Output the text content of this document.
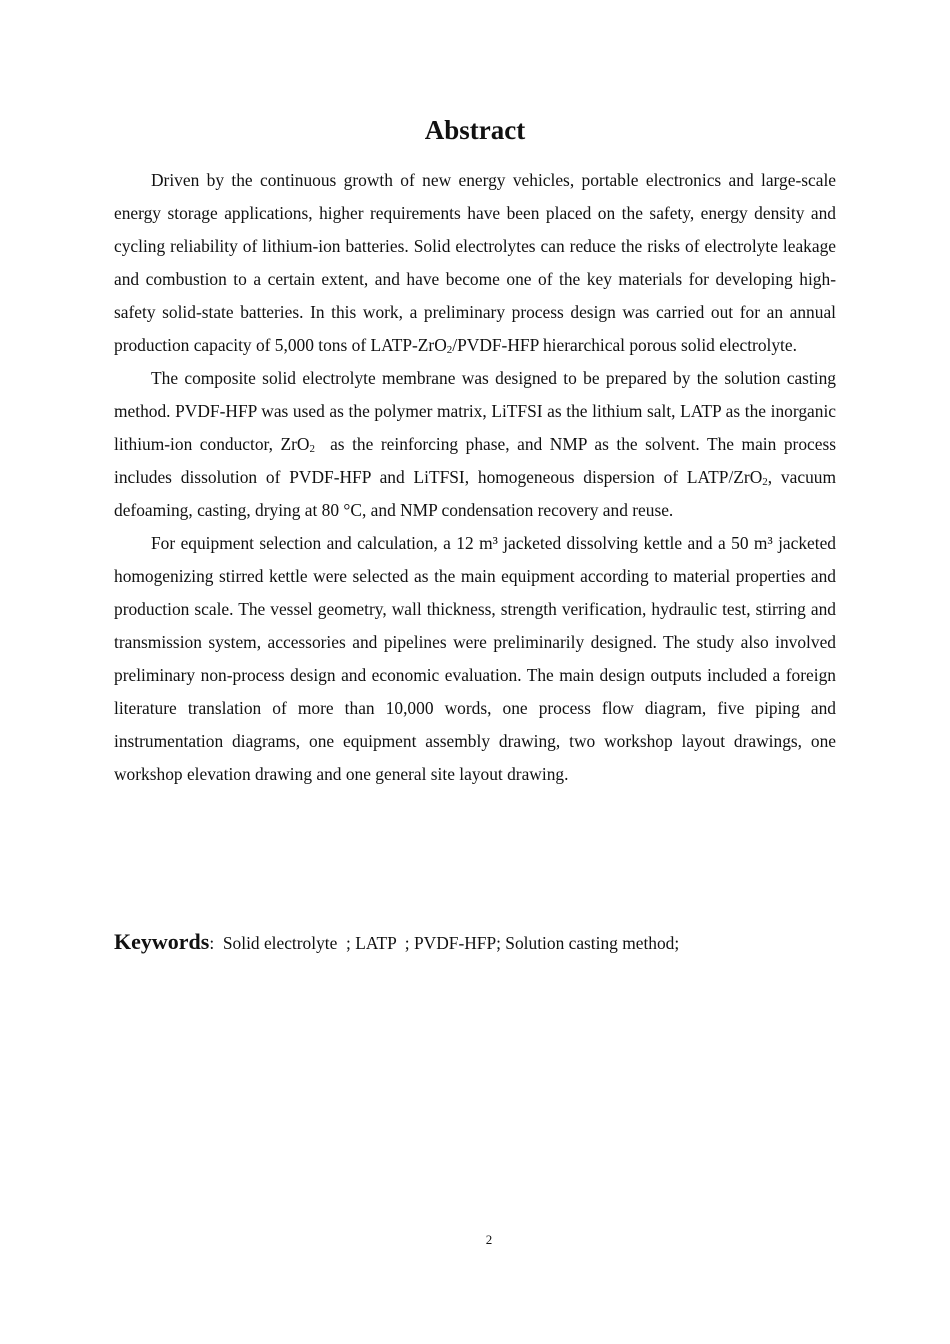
Abstract

Driven by the continuous growth of new energy vehicles, portable electronics and large-scale energy storage applications, higher requirements have been placed on the safety, energy density and cycling reliability of lithium-ion batteries. Solid electrolytes can reduce the risks of electrolyte leakage and combustion to a certain extent, and have become one of the key materials for developing high-safety solid-state batteries. In this work, a preliminary process design was carried out for an annual production capacity of 5,000 tons of LATP-ZrO$_2$/PVDF-HFP hierarchical porous solid electrolyte.

The composite solid electrolyte membrane was designed to be prepared by the solution casting method. PVDF-HFP was used as the polymer matrix, LiTFSI as the lithium salt, LATP as the inorganic lithium-ion conductor, ZrO$_2$  as the reinforcing phase, and NMP as the solvent. The main process includes dissolution of PVDF-HFP and LiTFSI, homogeneous dispersion of LATP/ZrO$_2$, vacuum defoaming, casting, drying at 80 °C, and NMP condensation recovery and reuse.

For equipment selection and calculation, a 12 m³ jacketed dissolving kettle and a 50 m³ jacketed homogenizing stirred kettle were selected as the main equipment according to material properties and production scale. The vessel geometry, wall thickness, strength verification, hydraulic test, stirring and transmission system, accessories and pipelines were preliminarily designed. The study also involved preliminary non-process design and economic evaluation. The main design outputs included a foreign literature translation of more than 10,000 words, one process flow diagram, five piping and instrumentation diagrams, one equipment assembly drawing, two workshop layout drawings, one workshop elevation drawing and one general site layout drawing.

Keywords:  Solid electrolyte  ; LATP  ; PVDF-HFP; Solution casting method;

2
